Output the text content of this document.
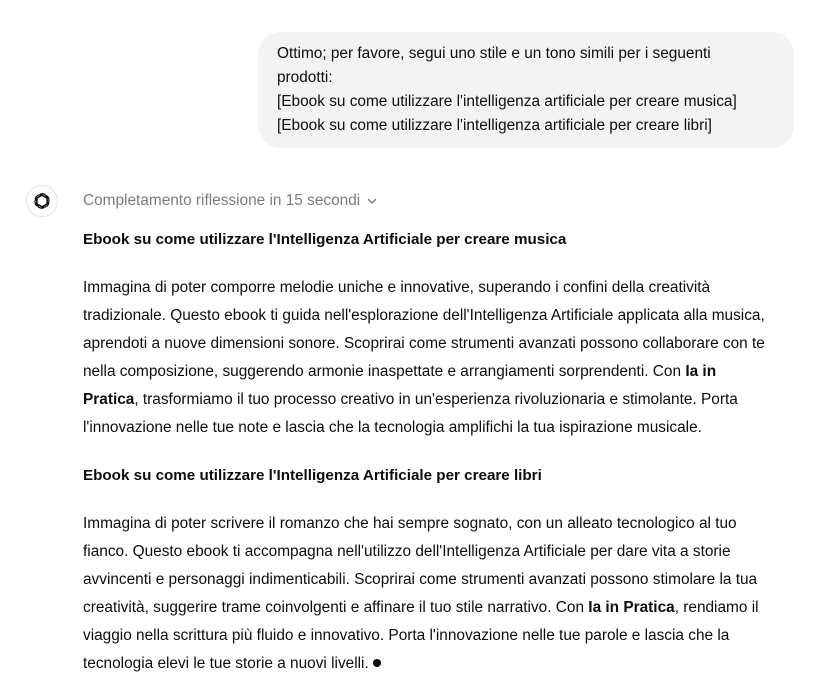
Ottimo; per favore, segui uno stile e un tono simili per i seguenti
prodotti:
[Ebook su come utilizzare l'intelligenza artificiale per creare musica]
[Ebook su come utilizzare l'intelligenza artificiale per creare libri]
Completamento riflessione in 15 secondi
Ebook su come utilizzare l'Intelligenza Artificiale per creare musica

Immagina di poter comporre melodie uniche e innovative, superando i confini della creatività
tradizionale. Questo ebook ti guida nell'esplorazione dell'Intelligenza Artificiale applicata alla musica,
aprendoti a nuove dimensioni sonore. Scoprirai come strumenti avanzati possono collaborare con te
nella composizione, suggerendo armonie inaspettate e arrangiamenti sorprendenti. Con Ia in
Pratica, trasformiamo il tuo processo creativo in un'esperienza rivoluzionaria e stimolante. Porta
l'innovazione nelle tue note e lascia che la tecnologia amplifichi la tua ispirazione musicale.

Ebook su come utilizzare l'Intelligenza Artificiale per creare libri

Immagina di poter scrivere il romanzo che hai sempre sognato, con un alleato tecnologico al tuo
fianco. Questo ebook ti accompagna nell'utilizzo dell'Intelligenza Artificiale per dare vita a storie
avvincenti e personaggi indimenticabili. Scoprirai come strumenti avanzati possono stimolare la tua
creatività, suggerire trame coinvolgenti e affinare il tuo stile narrativo. Con Ia in Pratica, rendiamo il
viaggio nella scrittura più fluido e innovativo. Porta l'innovazione nelle tue parole e lascia che la
tecnologia elevi le tue storie a nuovi livelli.
